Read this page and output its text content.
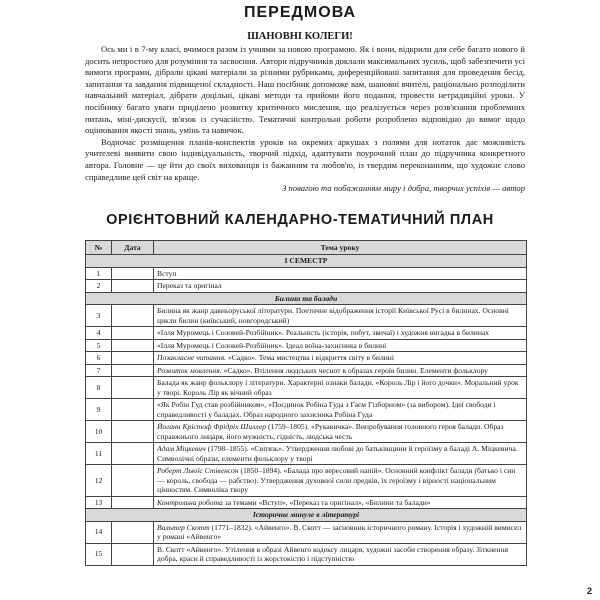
ПЕРЕДМОВА
ШАНОВНІ КОЛЕГИ!

Ось ми і в 7-му класі, вчимося разом із учнями за новою програмою. Як і вони, відкрили для себе багато нового й досить непростого для розуміння та засвоєння. Автори підручників доклали максимальних зусиль, щоб забезпечити усі вимоги програми, дібрали цікаві матеріали за різними рубриками, диференційовані запитання для проведення бесід, запитання та завдання підвищеної складності. Наш посібник допоможе вам, шановні вчителі, раціонально розподілити навчальний матеріал, дібрати доцільні, цікаві методи та прийоми його подання, провести нетрадиційні уроки. У посібнику багато уваги приділено розвитку критичного мислення, що реалізується через розв'язання проблемних питань, міні-дискусії, зв'язок із сучасністю. Тематичні контрольні роботи розроблено відповідно до вимог щодо оцінювання якості знань, умінь та навичок.

Водночас розміщення планів-конспектів уроків на окремих аркушах з полями для нотаток дає можливість учителеві виявити свою індивідуальність, творчий підхід, адаптувати поурочний план до підручника конкретного автора. Головне — це йти до своїх вихованців із бажанням та любов'ю, із твердим переконанням, що художнє слово справедливе цей світ на краще.

З повагою та побажанням миру і добра, творчих успіхів — автор

ОРІЄНТОВНИЙ КАЛЕНДАРНО-ТЕМАТИЧНИЙ ПЛАН
№	Дата	Тема уроку
І СЕМЕСТР		
1		Вступ
2		Переказ та оригінал
Билини та балади		
3		Билина як жанр давньоруської літератури. Поетичне відображення історії Київської Русі в билинах. Основні цикли билин (київський, новгородський)
4		«Ілля Муромець і Соловей-Розбійник». Реальність (історія, побут, звичаї) і художня вигадка в билинах
5		«Ілля Муромець і Соловей-Розбійник». Ідеал воїна-захисника в билині
6		Позакласне читання. «Садко». Тема мистецтва і відкриття світу в билині
7		Розвиток мовлення. «Садко». Втілення людських чеснот в образах героїв билин. Елементи фольклору
8		Балада як жанр фольклору і літератури. Характерні ознаки балади. «Король Лір і його дочки». Моральний урок у творі. Король Лір як вічний образ
9		«Як Робін Гуд став розбійником», «Поєдинок Робіна Гуда з Гаєм Гізборном» (за вибором). Ідеї свободи і справедливості у баладах. Образ народного захисника Робіна Гуда
10		Йоганн Крістоф Фрідріх Шиллер (1759–1805). «Рукавичка». Випробування головного героя балади. Образ справжнього лицаря, його мужність, гідність, людська честь
11		Адам Міцкевич (1798–1855). «Світязь». Утвердження любові до батьківщини й героїзму в баладі А. Міцкевича. Символічні образи, елементи фольклору у творі
12		Роберт Льюїс Стівенсон (1850–1894). «Балада про вересовий напій». Основний конфлікт балади (батько і син — король, свобода — рабство). Утвердження духовної сили предків, їх героїзму і вірності національним цінностям. Символіка твору
13		Контрольна робота за темами «Вступ», «Переказ та оригінал», «Билини та балади»
Історичне минуле в літературі		
14		Вальтер Скотт (1771–1832). «Айвенго». В. Скотт — засновник історичного роману. Історія і художній вимисел у романі «Айвенго»
15		В. Скотт «Айвенго». Утілення в образі Айвенго кодексу лицаря, художні засоби створення образу. Зіткнення добра, краси й справедливості із жорстокістю і підступністю
2
